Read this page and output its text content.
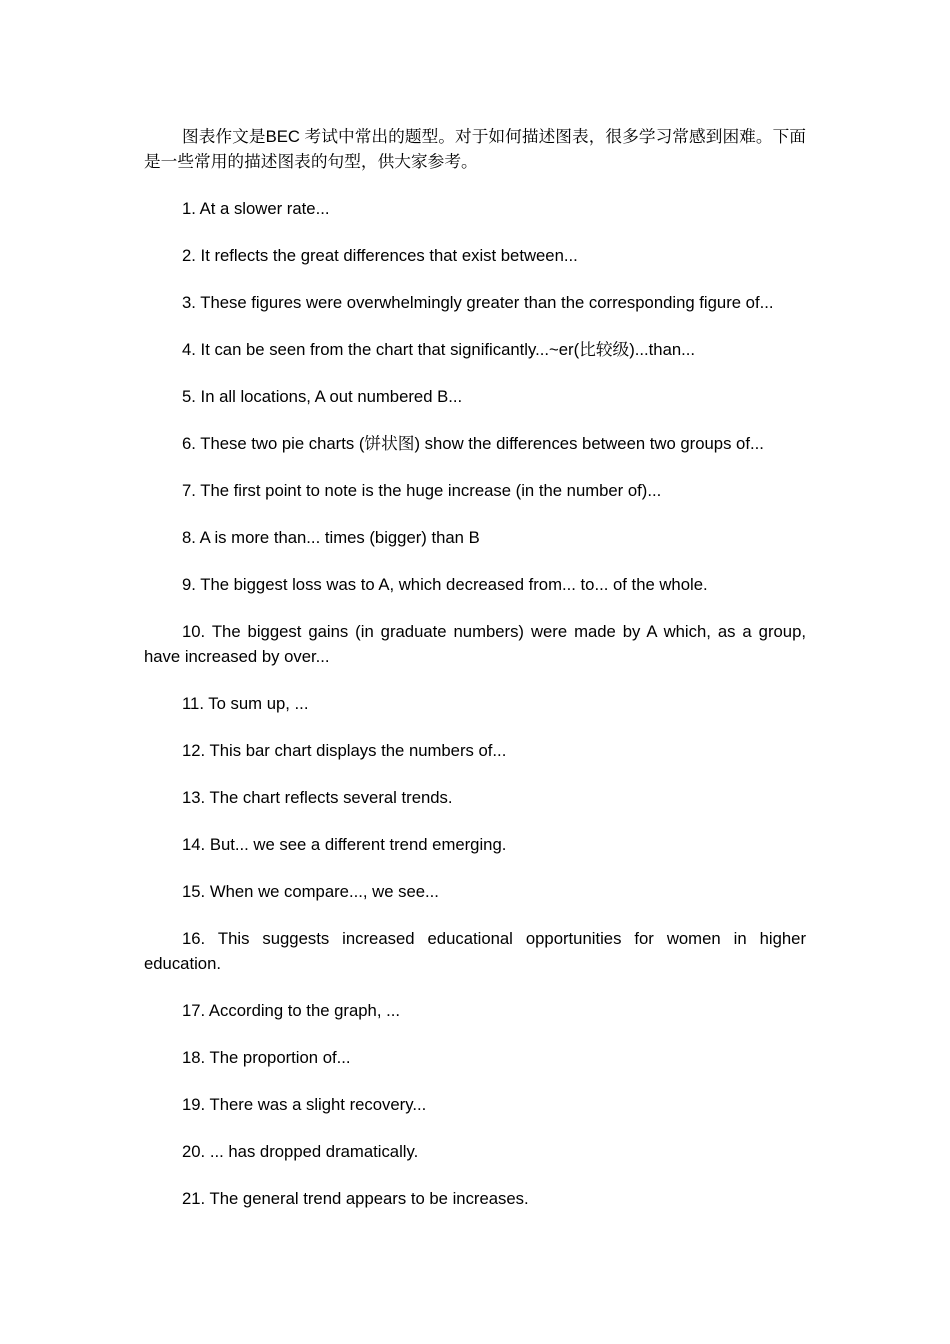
图表作文是BEC 考试中常出的题型。对于如何描述图表，很多学习常感到困难。下面是一些常用的描述图表的句型，供大家参考。

1. At a slower rate...

2. It reflects the great differences that exist between...

3. These figures were overwhelmingly greater than the corresponding figure of...

4. It can be seen from the chart that significantly...~er(比较级)...than...

5. In all locations, A out numbered B...

6. These two pie charts (饼状图) show the differences between two groups of...

7. The first point to note is the huge increase (in the number of)...

8. A is more than... times (bigger) than B

9. The biggest loss was to A, which decreased from... to... of the whole.

10. The biggest gains (in graduate numbers) were made by A which, as a group, have increased by over...

11. To sum up, ...

12. This bar chart displays the numbers of...

13. The chart reflects several trends.

14. But... we see a different trend emerging.

15. When we compare..., we see...

16. This suggests increased educational opportunities for women in higher education.

17. According to the graph, ...

18. The proportion of...

19. There was a slight recovery...

20. ... has dropped dramatically.

21. The general trend appears to be increases.
